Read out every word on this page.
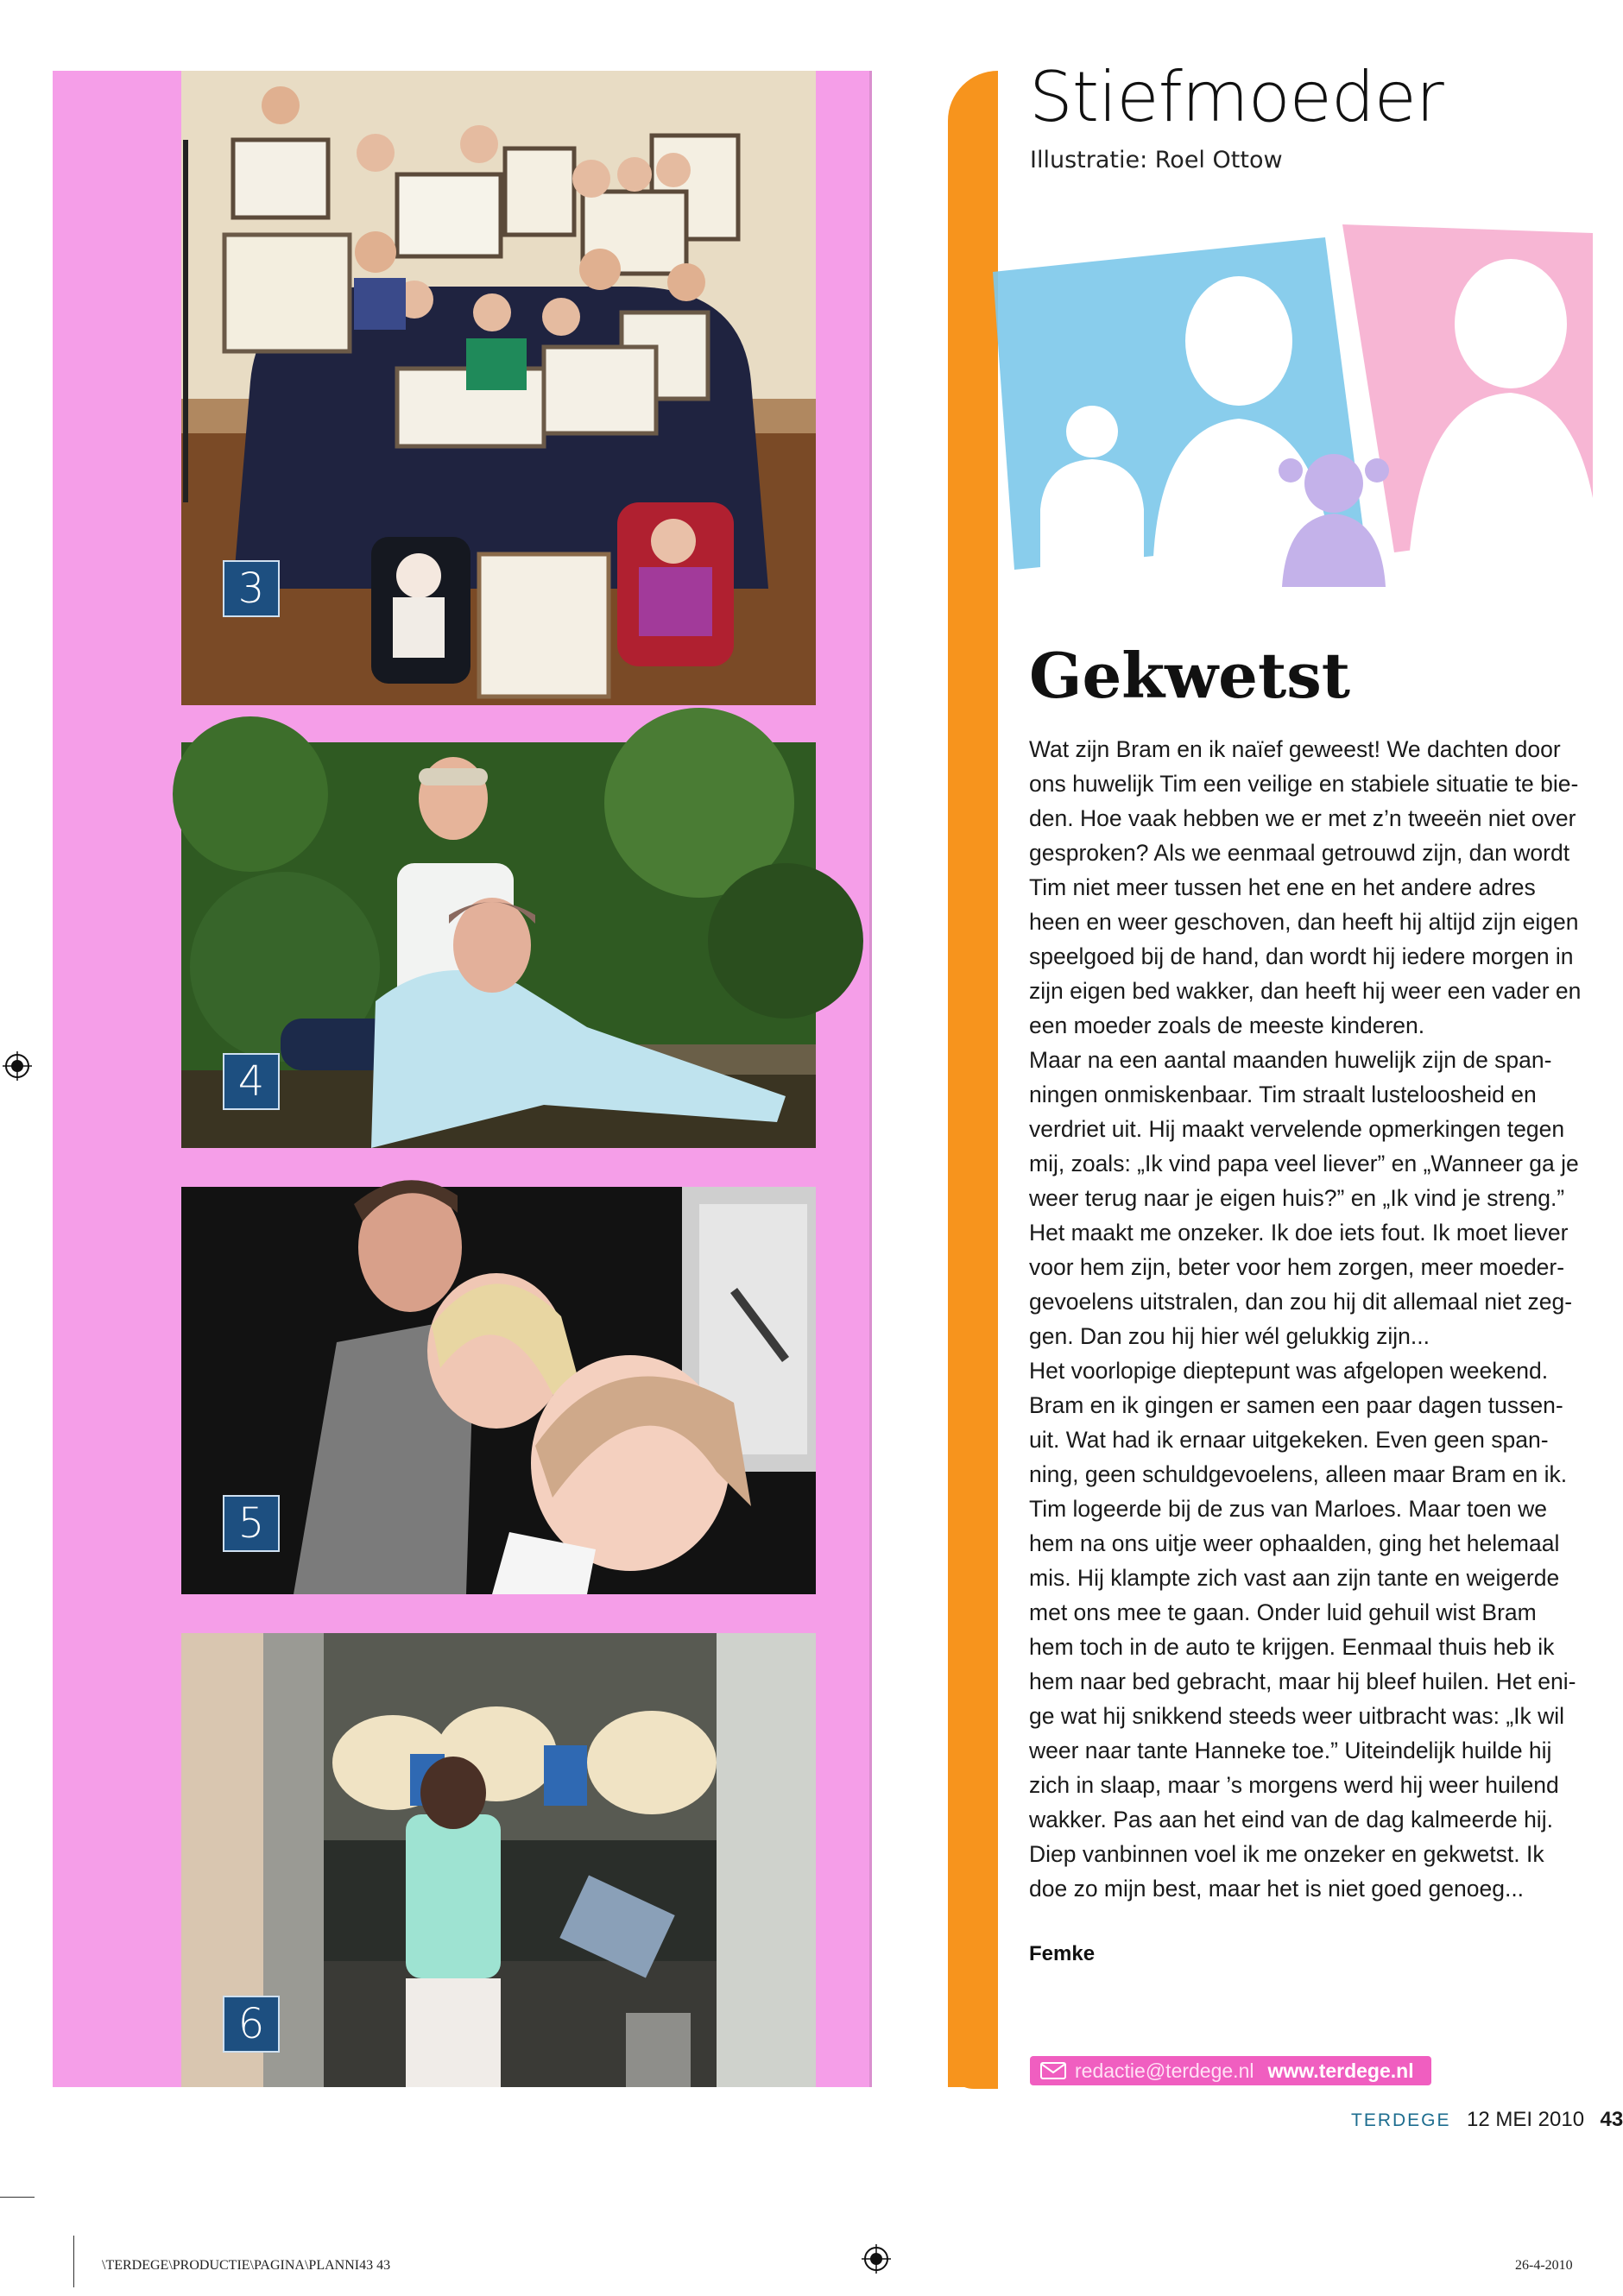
3
4
5
6
Stiefmoeder
Illustratie: Roel Ottow
Gekwetst

Wat zijn Bram en ik naïef geweest! We dachten door

ons huwelijk Tim een veilige en stabiele situatie te bie-

den. Hoe vaak hebben we er met z’n tweeën niet over

gesproken? Als we eenmaal getrouwd zijn, dan wordt

Tim niet meer tussen het ene en het andere adres

heen en weer geschoven, dan heeft hij altijd zijn eigen

speelgoed bij de hand, dan wordt hij iedere morgen in

zijn eigen bed wakker, dan heeft hij weer een vader en

een moeder zoals de meeste kinderen.

Maar na een aantal maanden huwelijk zijn de span-

ningen onmiskenbaar. Tim straalt lusteloosheid en

verdriet uit. Hij maakt vervelende opmerkingen tegen

mij, zoals: „Ik vind papa veel liever” en „Wanneer ga je

weer terug naar je eigen huis?” en „Ik vind je streng.”

Het maakt me onzeker. Ik doe iets fout. Ik moet liever

voor hem zijn, beter voor hem zorgen, meer moeder-

gevoelens uitstralen, dan zou hij dit allemaal niet zeg-

gen. Dan zou hij hier wél gelukkig zijn...

Het voorlopige dieptepunt was afgelopen weekend.

Bram en ik gingen er samen een paar dagen tussen-

uit. Wat had ik ernaar uitgekeken. Even geen span-

ning, geen schuldgevoelens, alleen maar Bram en ik.

Tim logeerde bij de zus van Marloes. Maar toen we

hem na ons uitje weer ophaalden, ging het helemaal

mis. Hij klampte zich vast aan zijn tante en weigerde

met ons mee te gaan. Onder luid gehuil wist Bram

hem toch in de auto te krijgen. Eenmaal thuis heb ik

hem naar bed gebracht, maar hij bleef huilen. Het eni-

ge wat hij snikkend steeds weer uitbracht was: „Ik wil

weer naar tante Hanneke toe.” Uiteindelijk huilde hij

zich in slaap, maar ’s morgens werd hij weer huilend

wakker. Pas aan het eind van de dag kalmeerde hij.

Diep vanbinnen voel ik me onzeker en gekwetst. Ik

doe zo mijn best, maar het is niet goed genoeg...

Femke
redactie@terdege.nl www.terdege.nl
TERDEGE 12 MEI 2010 43
\TERDEGE\PRODUCTIE\PAGINA\PLANNI43 43	26-4-2010
